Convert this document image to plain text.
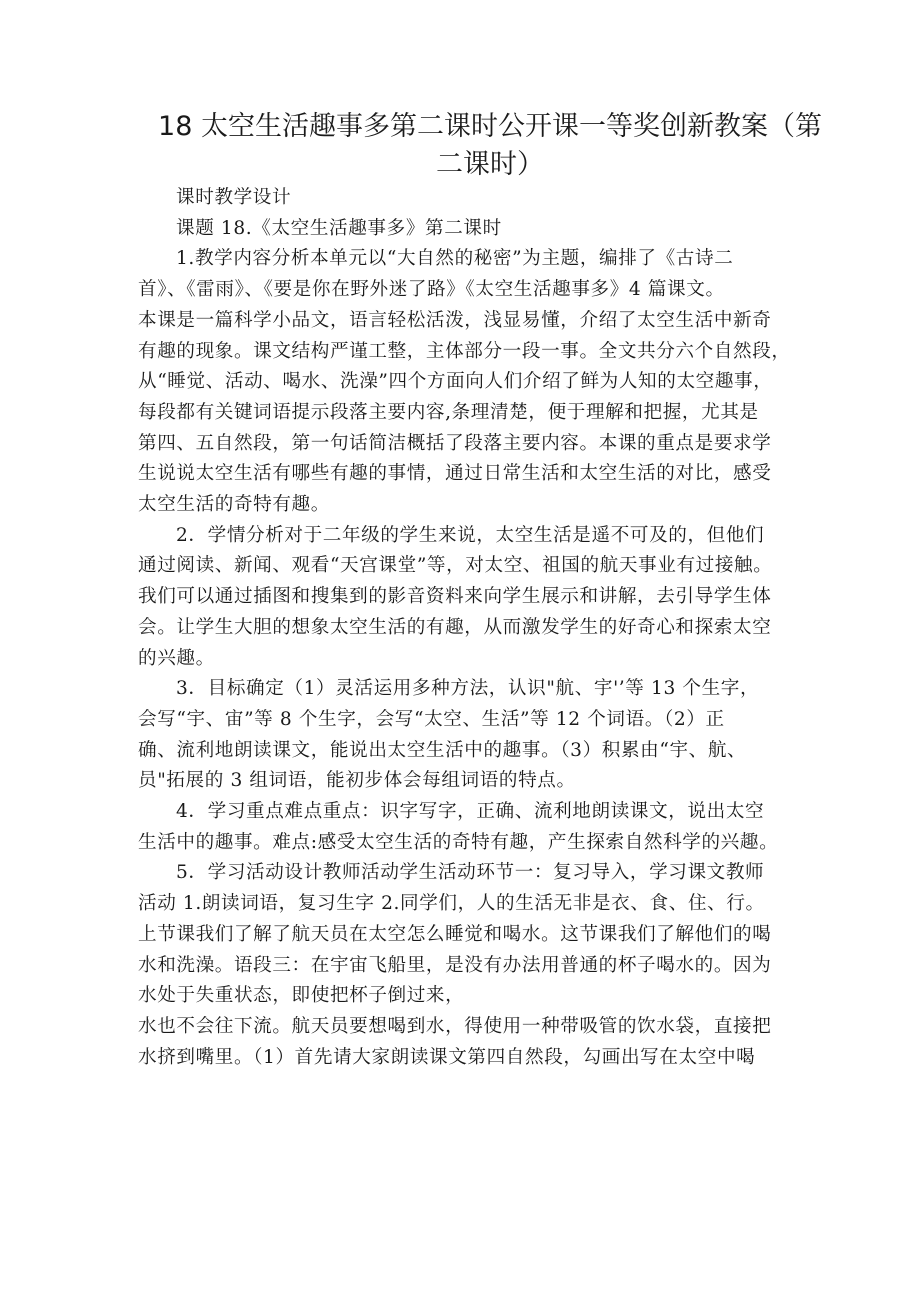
18 太空生活趣事多第二课时公开课一等奖创新教案（第
二课时）

课时教学设计

课题 18.《太空生活趣事多》第二课时

1.教学内容分析本单元以“大自然的秘密”为主题，编排了《古诗二

首》、《雷雨》、《要是你在野外迷了路》《太空生活趣事多》4 篇课文。

本课是一篇科学小品文，语言轻松活泼，浅显易懂，介绍了太空生活中新奇

有趣的现象。课文结构严谨工整，主体部分一段一事。全文共分六个自然段，

从“睡觉、活动、喝水、洗澡”四个方面向人们介绍了鲜为人知的太空趣事，

每段都有关键词语提示段落主要内容,条理清楚，便于理解和把握，尤其是

第四、五自然段，第一句话简洁概括了段落主要内容。本课的重点是要求学

生说说太空生活有哪些有趣的事情，通过日常生活和太空生活的对比，感受

太空生活的奇特有趣。

2．学情分析对于二年级的学生来说，太空生活是遥不可及的，但他们

通过阅读、新闻、观看“天宫课堂”等，对太空、祖国的航天事业有过接触。

我们可以通过插图和搜集到的影音资料来向学生展示和讲解，去引导学生体

会。让学生大胆的想象太空生活的有趣，从而激发学生的好奇心和探索太空

的兴趣。

3．目标确定（1）灵活运用多种方法，认识"航、宇'’等 13 个生字，

会写“宇、宙”等 8 个生字，会写“太空、生活”等 12 个词语。（2）正

确、流利地朗读课文，能说出太空生活中的趣事。（3）积累由“宇、航、

员"拓展的 3 组词语，能初步体会每组词语的特点。

4．学习重点难点重点：识字写字，正确、流利地朗读课文，说出太空

生活中的趣事。难点:感受太空生活的奇特有趣，产生探索自然科学的兴趣。

5．学习活动设计教师活动学生活动环节一：复习导入，学习课文教师

活动 1.朗读词语，复习生字 2.同学们，人的生活无非是衣、食、住、行。

上节课我们了解了航天员在太空怎么睡觉和喝水。这节课我们了解他们的喝

水和洗澡。语段三：在宇宙飞船里，是没有办法用普通的杯子喝水的。因为

水处于失重状态，即使把杯子倒过来，

水也不会往下流。航天员要想喝到水，得使用一种带吸管的饮水袋，直接把

水挤到嘴里。（1）首先请大家朗读课文第四自然段，勾画出写在太空中喝
